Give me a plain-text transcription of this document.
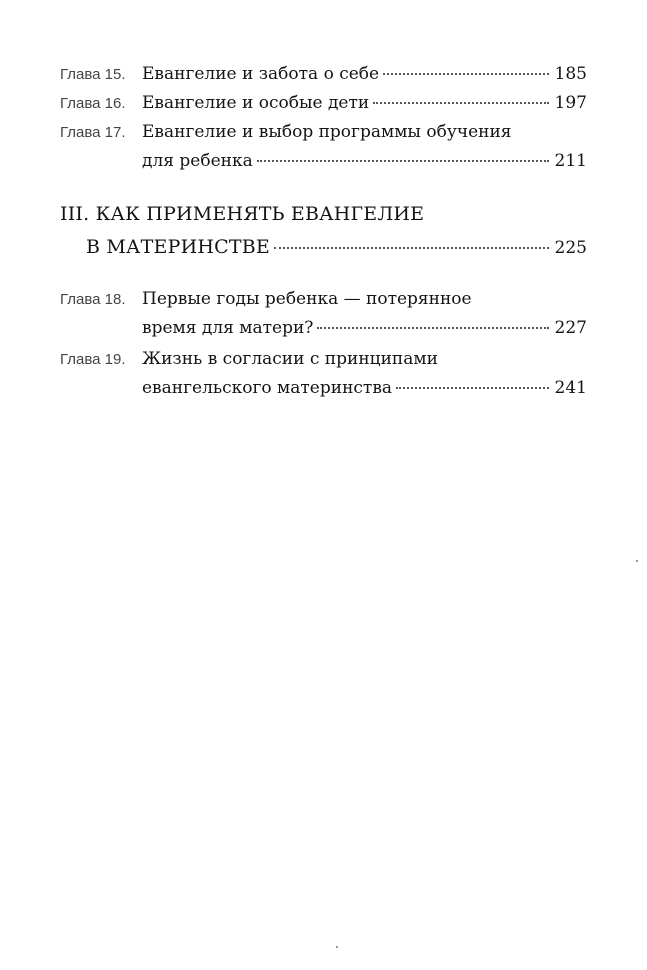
Глава 15. Евангелие и забота о себе	185
Глава 16. Евангелие и особые дети	197
Глава 17. Евангелие и выбор программы обучения
для ребенка	211
III. КАК ПРИМЕНЯТЬ ЕВАНГЕЛИЕ
В МАТЕРИНСТВЕ	225
Глава 18. Первые годы ребенка — потерянное
время для матери?	227
Глава 19. Жизнь в согласии с принципами
евангельского материнства	241
